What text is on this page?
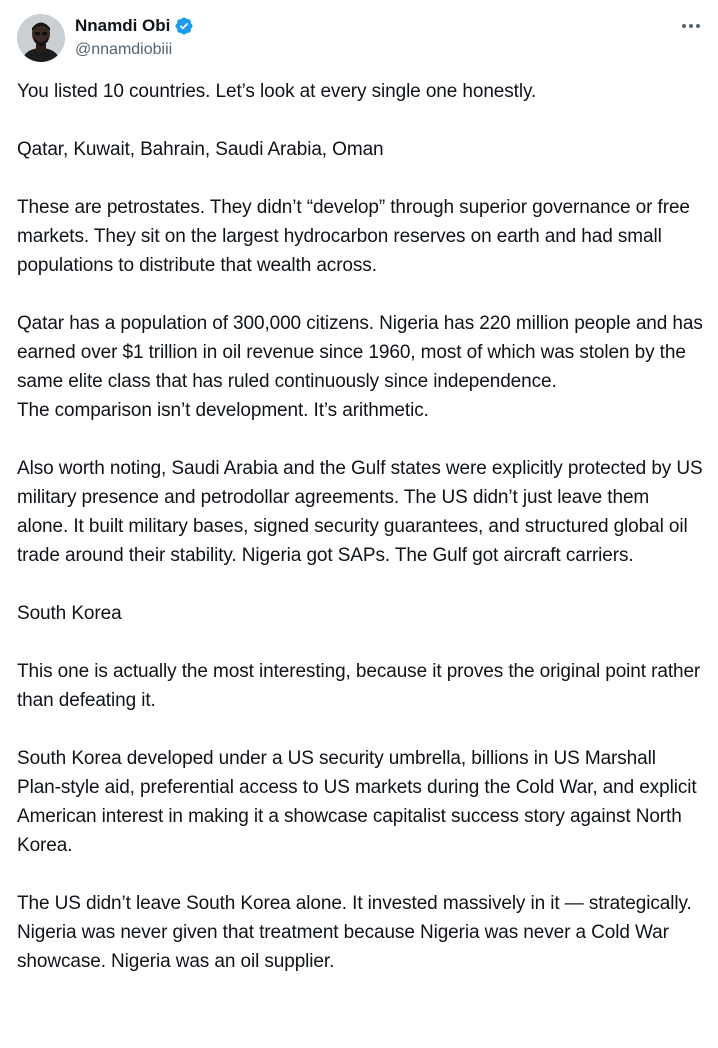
Nnamdi Obi
@nnamdiobiii

You listed 10 countries. Let’s look at every single one honestly.

Qatar, Kuwait, Bahrain, Saudi Arabia, Oman

These are petrostates. They didn’t “develop” through superior governance or free markets. They sit on the largest hydrocarbon reserves on earth and had small populations to distribute that wealth across.

Qatar has a population of 300,000 citizens. Nigeria has 220 million people and has earned over $1 trillion in oil revenue since 1960, most of which was stolen by the same elite class that has ruled continuously since independence.
The comparison isn’t development. It’s arithmetic.

Also worth noting, Saudi Arabia and the Gulf states were explicitly protected by US military presence and petrodollar agreements. The US didn’t just leave them alone. It built military bases, signed security guarantees, and structured global oil trade around their stability. Nigeria got SAPs. The Gulf got aircraft carriers.

South Korea

This one is actually the most interesting, because it proves the original point rather than defeating it.

South Korea developed under a US security umbrella, billions in US Marshall Plan-style aid, preferential access to US markets during the Cold War, and explicit American interest in making it a showcase capitalist success story against North Korea.

The US didn’t leave South Korea alone. It invested massively in it — strategically. Nigeria was never given that treatment because Nigeria was never a Cold War showcase. Nigeria was an oil supplier.
